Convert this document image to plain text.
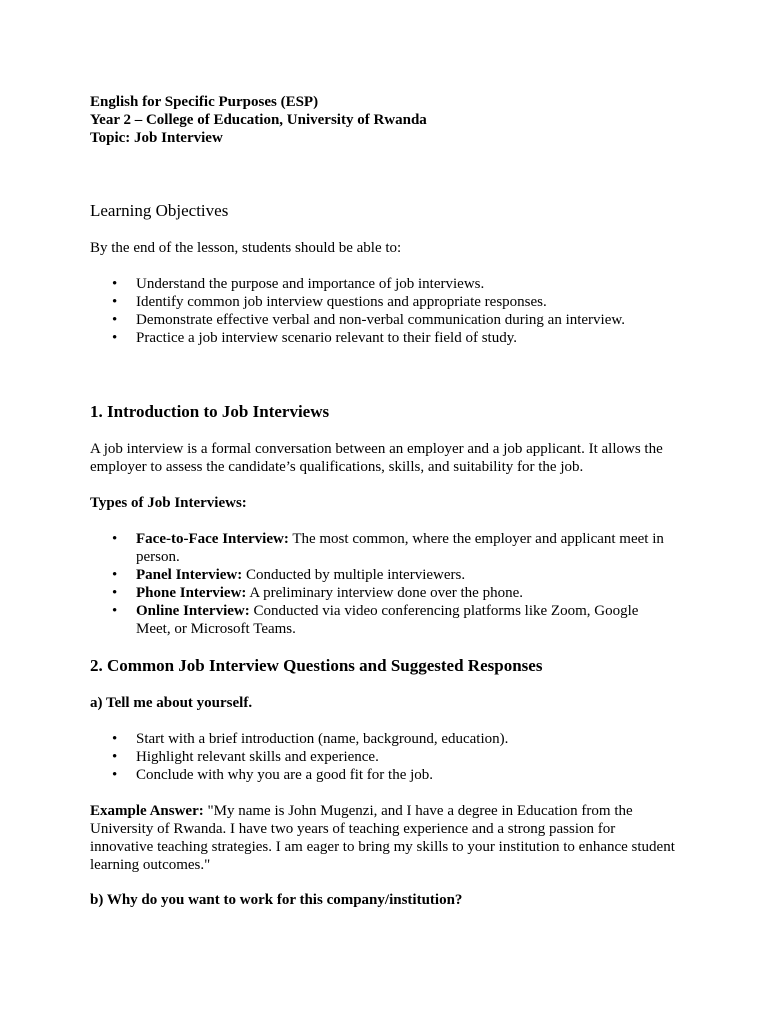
English for Specific Purposes (ESP)
Year 2 – College of Education, University of Rwanda
Topic: Job Interview
Learning Objectives

By the end of the lesson, students should be able to:

• Understand the purpose and importance of job interviews.
• Identify common job interview questions and appropriate responses.
• Demonstrate effective verbal and non-verbal communication during an interview.
• Practice a job interview scenario relevant to their field of study.
1. Introduction to Job Interviews

A job interview is a formal conversation between an employer and a job applicant. It allows the employer to assess the candidate’s qualifications, skills, and suitability for the job.

Types of Job Interviews:

• Face-to-Face Interview: The most common, where the employer and applicant meet in person.
• Panel Interview: Conducted by multiple interviewers.
• Phone Interview: A preliminary interview done over the phone.
• Online Interview: Conducted via video conferencing platforms like Zoom, Google Meet, or Microsoft Teams.
2. Common Job Interview Questions and Suggested Responses

a) Tell me about yourself.

• Start with a brief introduction (name, background, education).
• Highlight relevant skills and experience.
• Conclude with why you are a good fit for the job.

Example Answer: "My name is John Mugenzi, and I have a degree in Education from the University of Rwanda. I have two years of teaching experience and a strong passion for innovative teaching strategies. I am eager to bring my skills to your institution to enhance student learning outcomes."

b) Why do you want to work for this company/institution?
